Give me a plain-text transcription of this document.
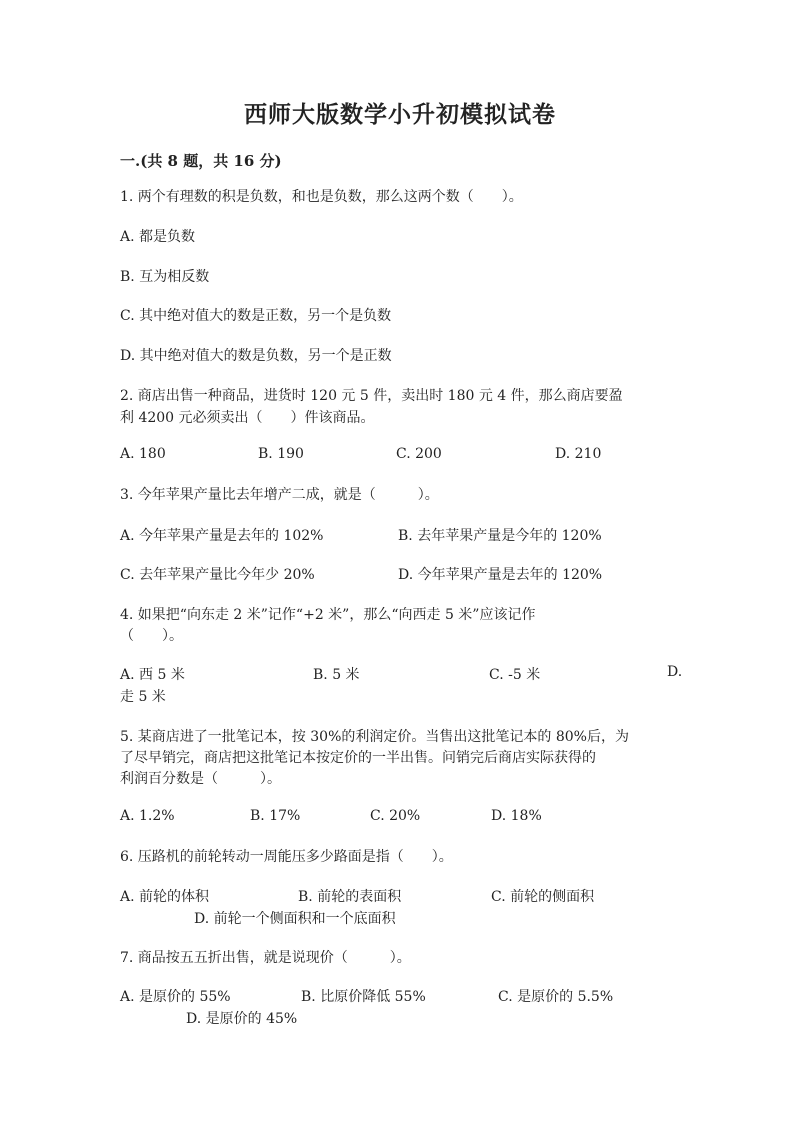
西师大版数学小升初模拟试卷
一.(共 8 题，共 16 分)
1. 两个有理数的积是负数，和也是负数，那么这两个数（　　）。
A. 都是负数
B. 互为相反数
C. 其中绝对值大的数是正数，另一个是负数
D. 其中绝对值大的数是负数，另一个是正数
2. 商店出售一种商品，进货时 120 元 5 件，卖出时 180 元 4 件，那么商店要盈
利 4200 元必须卖出（　　）件该商品。
A. 180	B. 190	C. 200	D. 210
3. 今年苹果产量比去年增产二成，就是（　　　）。
A. 今年苹果产量是去年的 102%	B. 去年苹果产量是今年的 120%
C. 去年苹果产量比今年少 20%	D. 今年苹果产量是去年的 120%
4. 如果把“向东走 2 米”记作“+2 米”，那么“向西走 5 米”应该记作
（　　）。
A. 西 5 米	B. 5 米	C. -5 米	D.
走 5 米
5. 某商店进了一批笔记本，按 30%的利润定价。当售出这批笔记本的 80%后，为
了尽早销完，商店把这批笔记本按定价的一半出售。问销完后商店实际获得的
利润百分数是（　　　）。
A. 1.2%	B. 17%	C. 20%	D. 18%
6. 压路机的前轮转动一周能压多少路面是指（　　）。
A. 前轮的体积	B. 前轮的表面积	C. 前轮的侧面积
D. 前轮一个侧面积和一个底面积
7. 商品按五五折出售，就是说现价（　　　）。
A. 是原价的 55%	B. 比原价降低 55%	C. 是原价的 5.5%
D. 是原价的 45%
